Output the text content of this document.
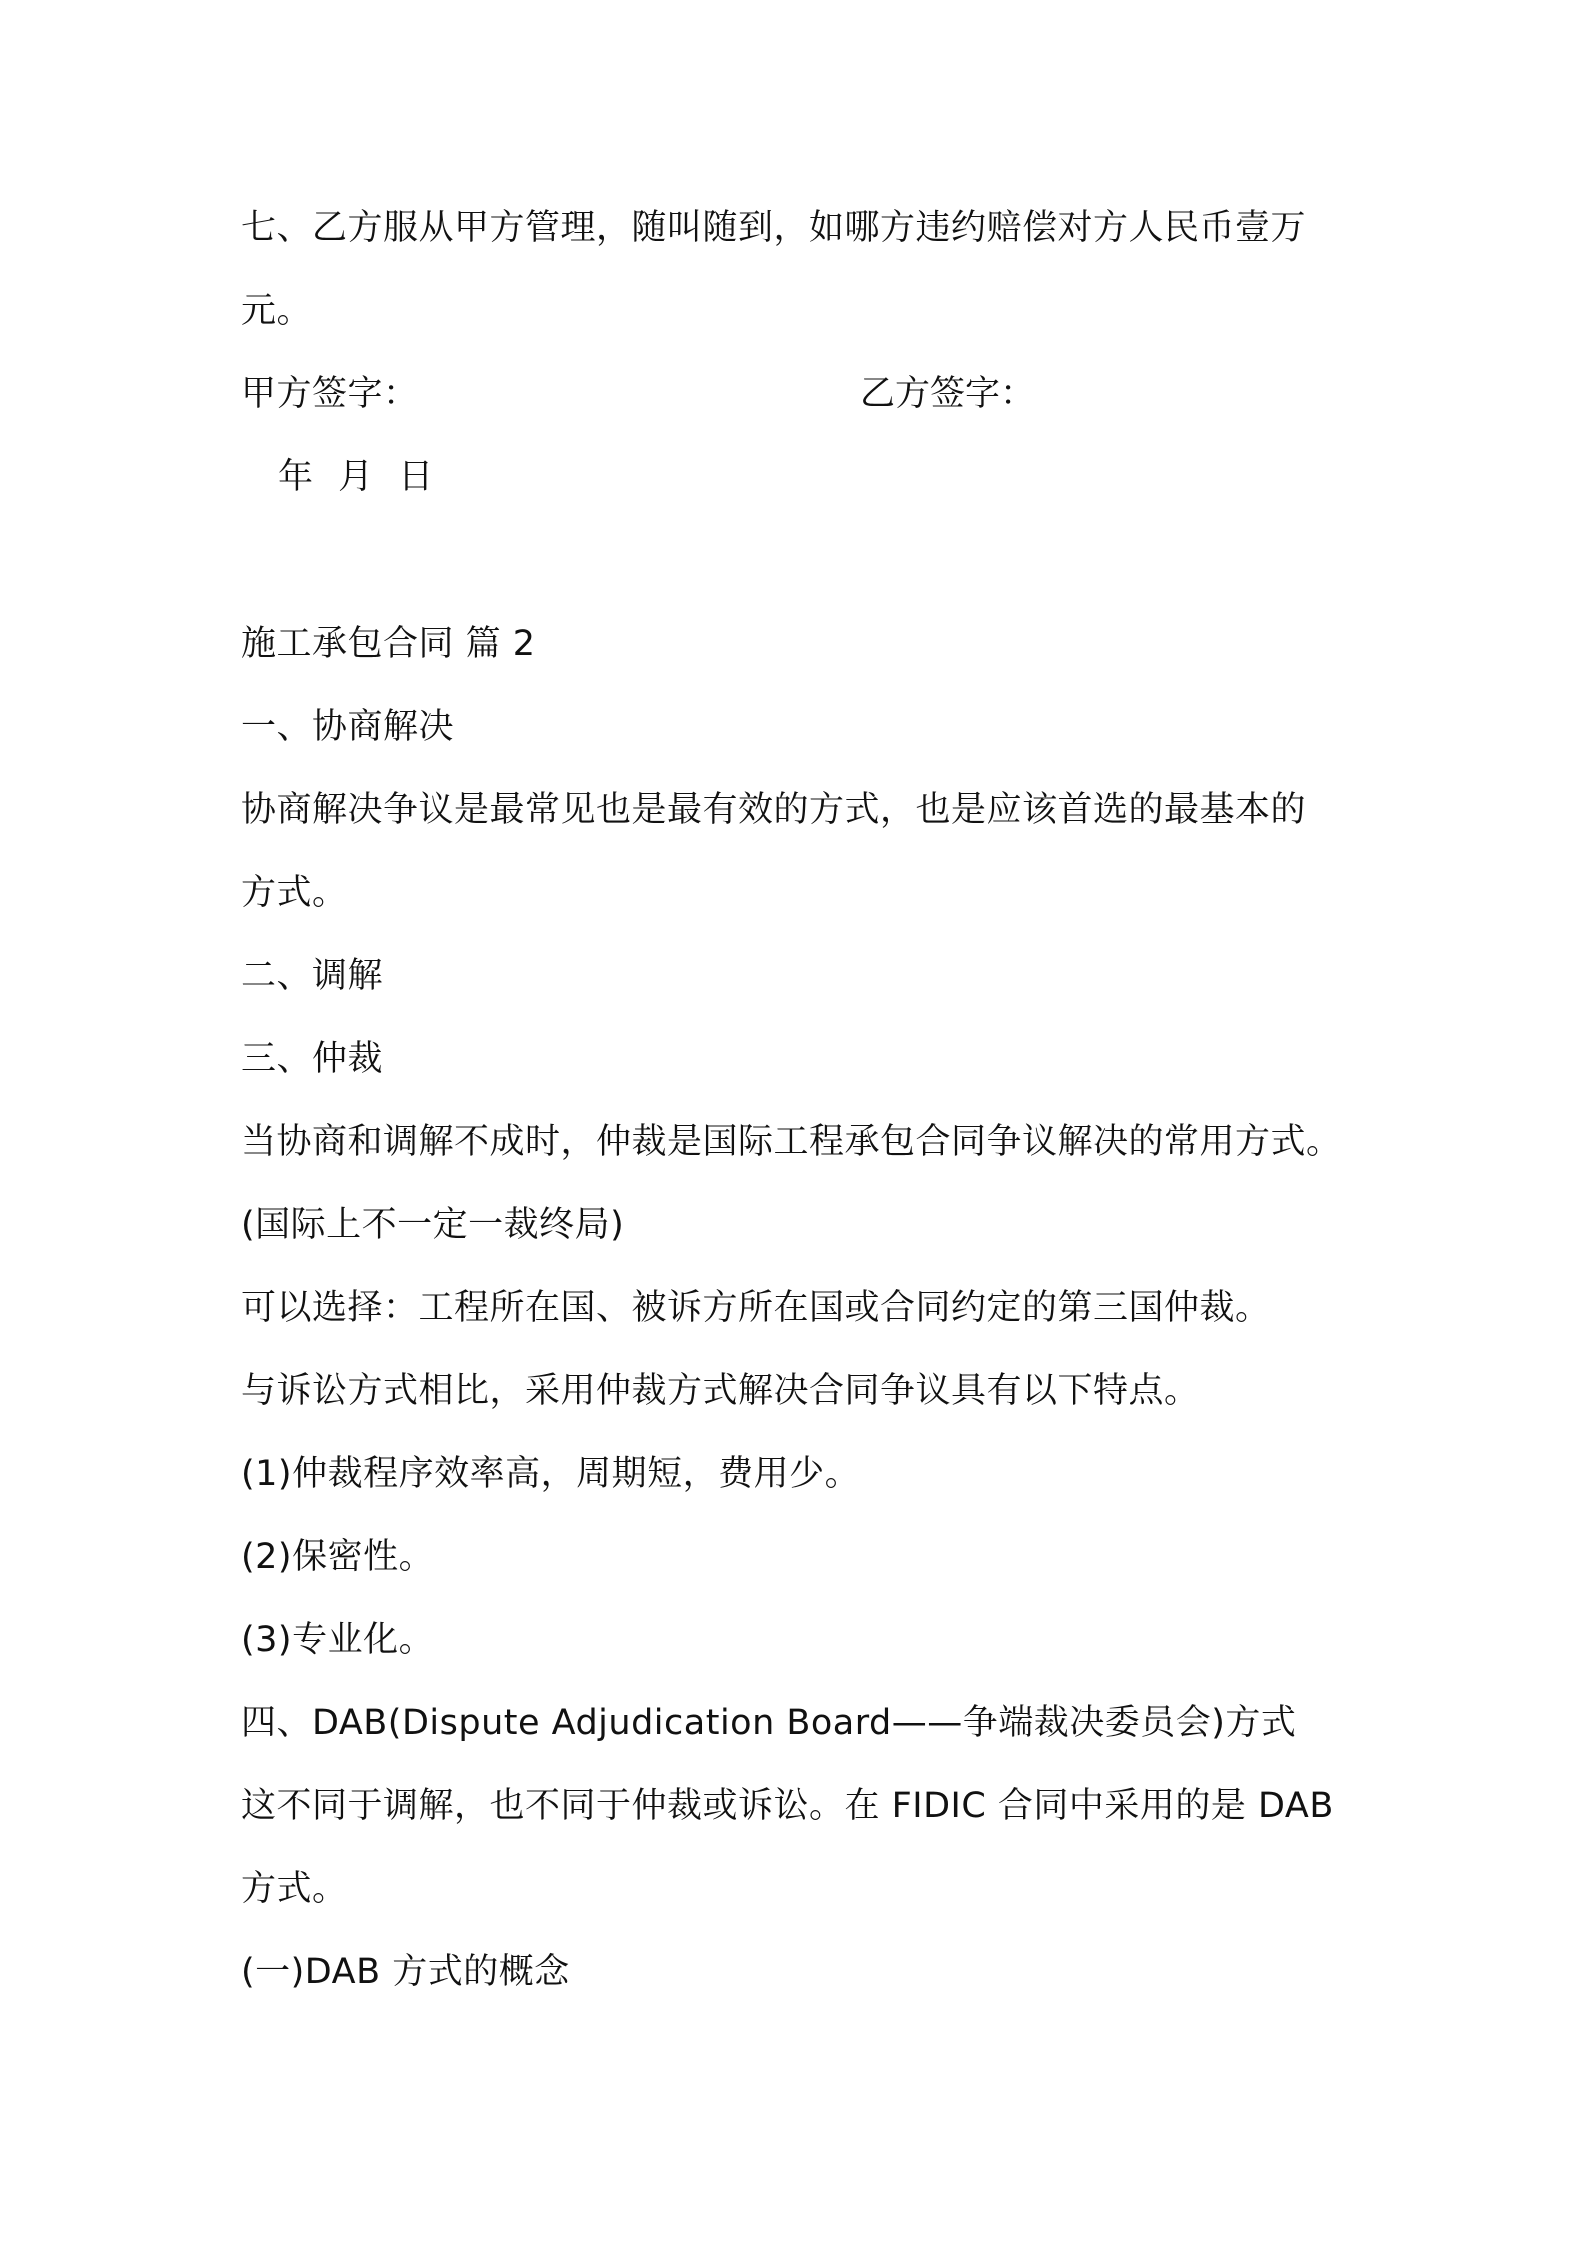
七、乙方服从甲方管理，随叫随到，如哪方违约赔偿对方人民币壹万
元。
甲方签字：	乙方签字：
年 月 日
施工承包合同 篇 2
一、协商解决
协商解决争议是最常见也是最有效的方式，也是应该首选的最基本的
方式。
二、调解
三、仲裁
当协商和调解不成时，仲裁是国际工程承包合同争议解决的常用方式。
(国际上不一定一裁终局)
可以选择：工程所在国、被诉方所在国或合同约定的第三国仲裁。
与诉讼方式相比，采用仲裁方式解决合同争议具有以下特点。
(1)仲裁程序效率高，周期短，费用少。
(2)保密性。
(3)专业化。
四、DAB(Dispute Adjudication Board——争端裁决委员会)方式
这不同于调解，也不同于仲裁或诉讼。在 FIDIC 合同中采用的是 DAB
方式。
(一)DAB 方式的概念
